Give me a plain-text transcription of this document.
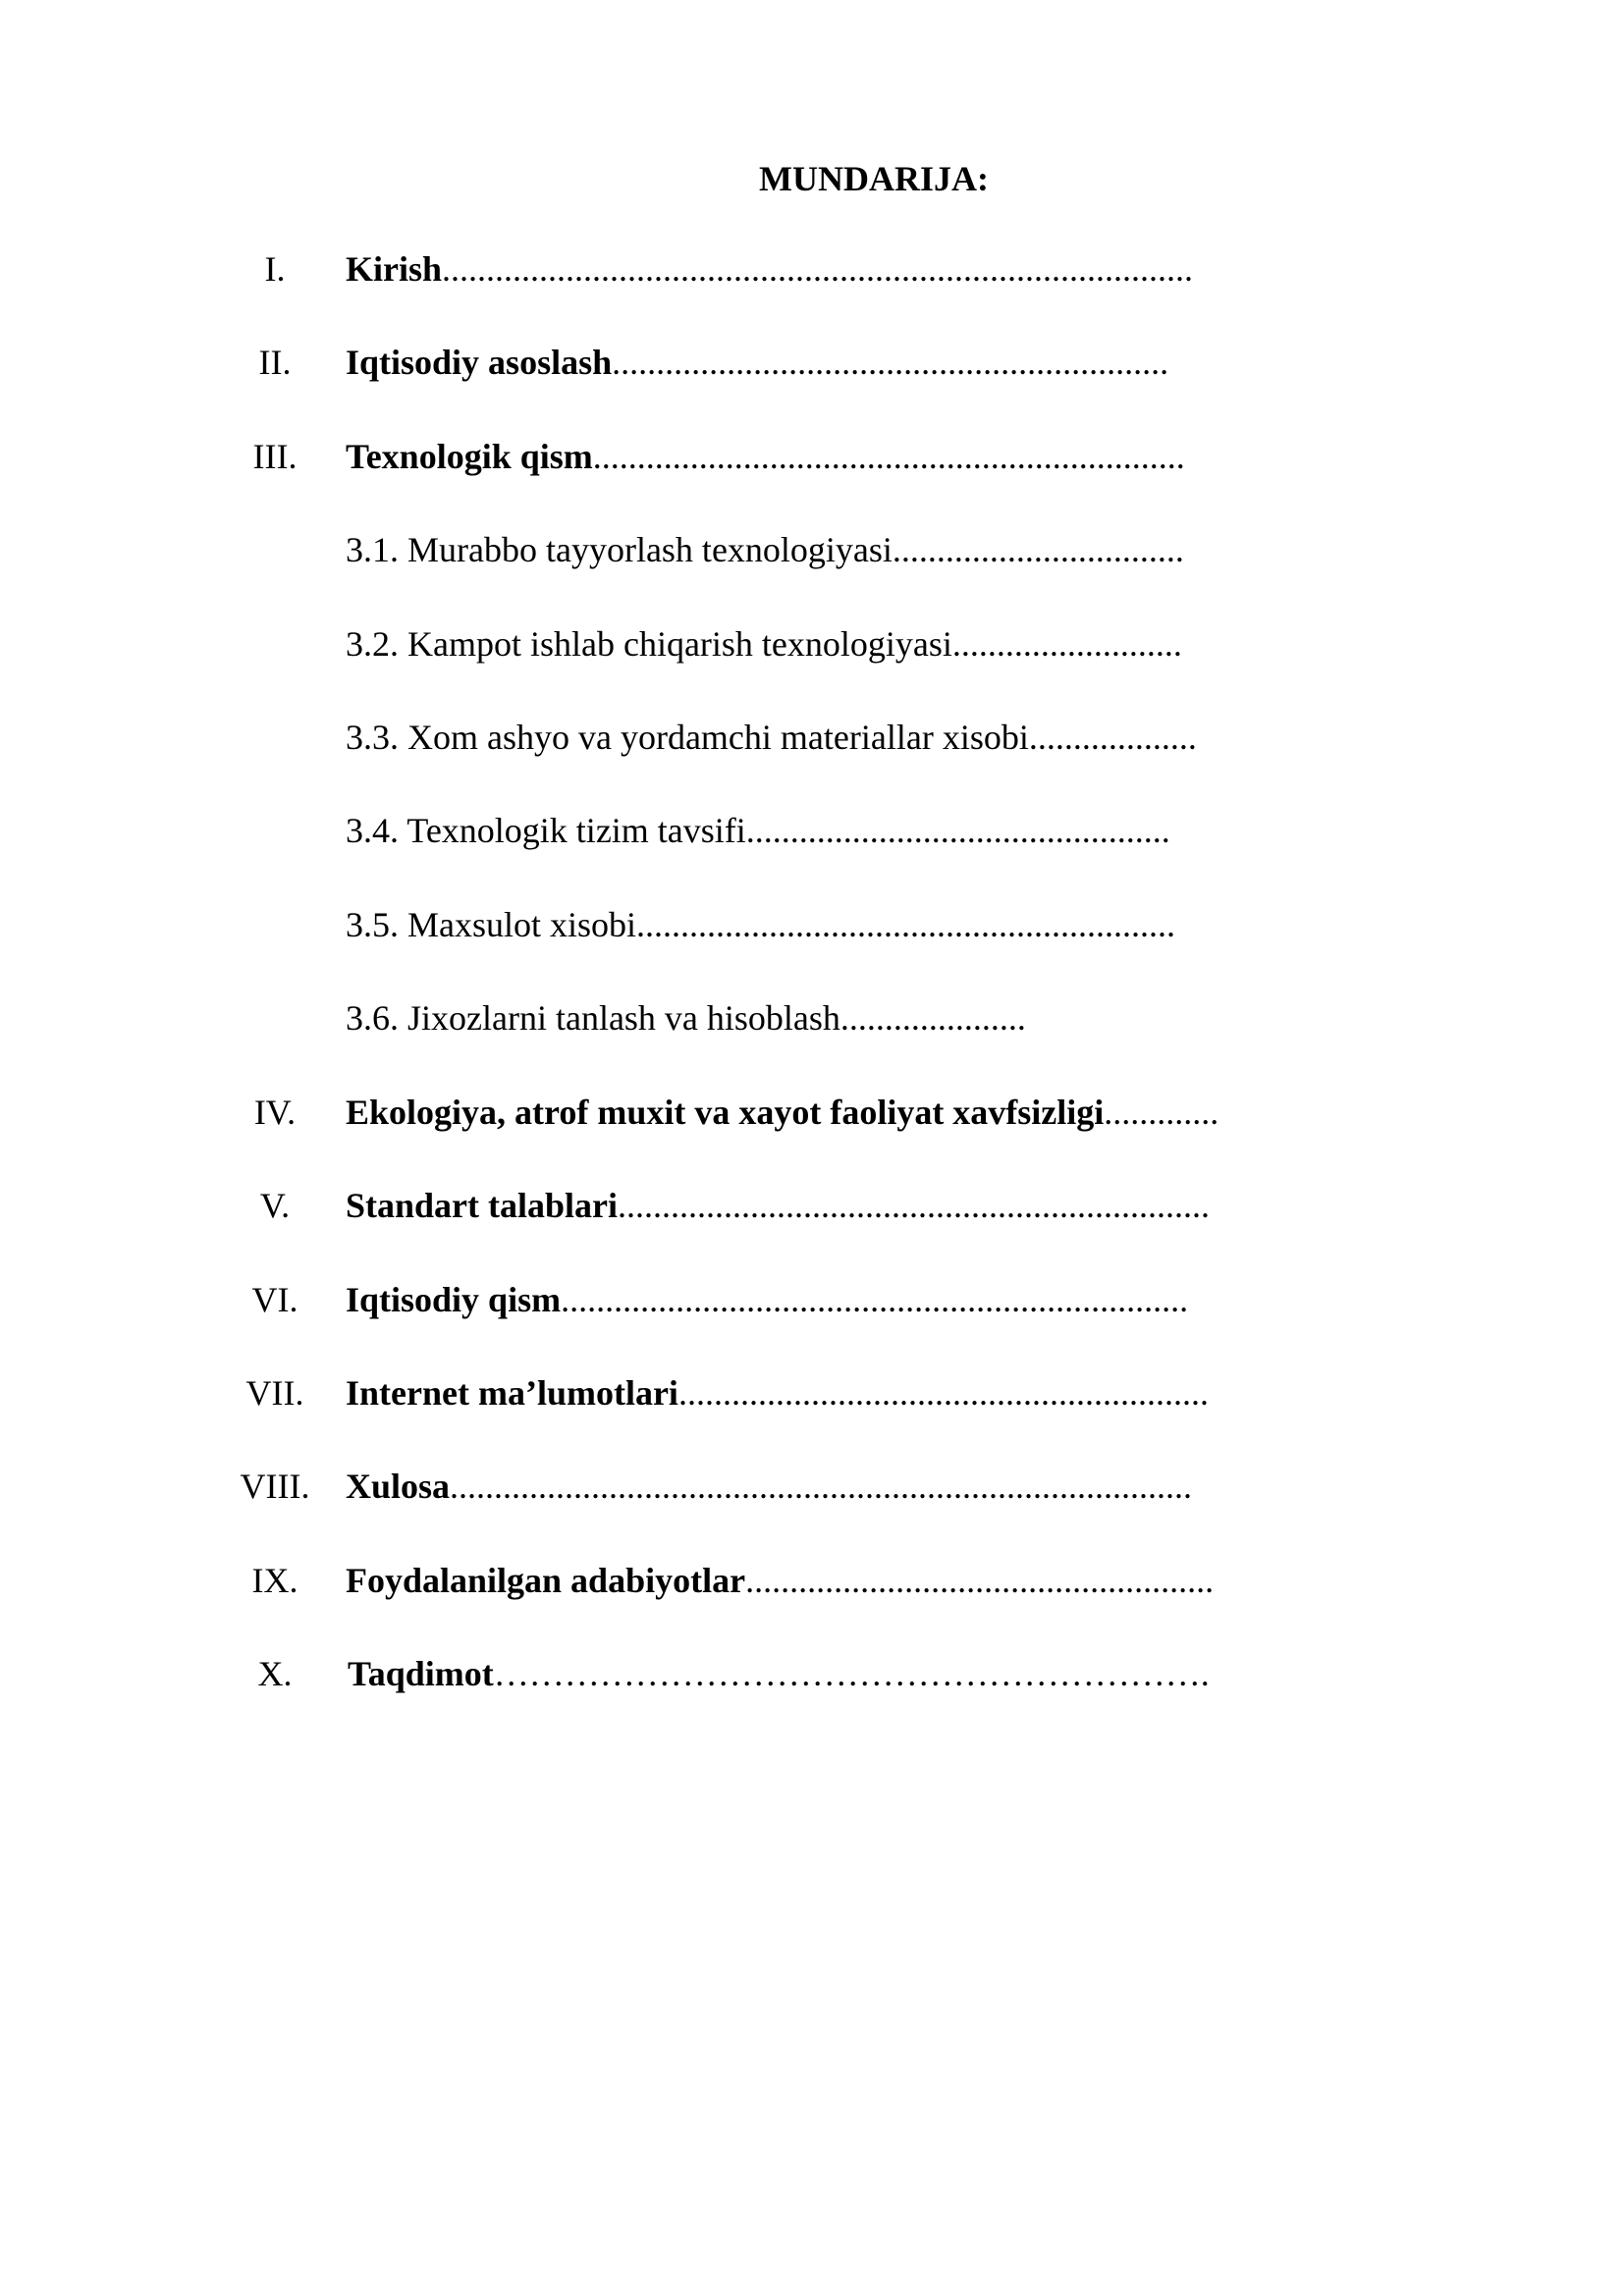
MUNDARIJA:
I.	Kirish.....................................................................................
II.	Iqtisodiy asoslash...............................................................
III.	Texnologik qism...................................................................
3.1. Murabbo tayyorlash texnologiyasi.................................
3.2. Kampot ishlab chiqarish texnologiyasi..........................
3.3. Xom ashyo va yordamchi materiallar xisobi...................
3.4. Texnologik tizim tavsifi................................................
3.5. Maxsulot xisobi.............................................................
3.6. Jixozlarni tanlash va hisoblash.....................
IV.	Ekologiya, atrof muxit va xayot faoliyat xavfsizligi.............
V.	Standart talablari...................................................................
VI.	Iqtisodiy qism.......................................................................
VII.	Internet ma’lumotlari............................................................
VIII.	Xulosa....................................................................................
IX.	Foydalanilgan adabiyotlar.....................................................
X.	Taqdimot…………………………………………………….
